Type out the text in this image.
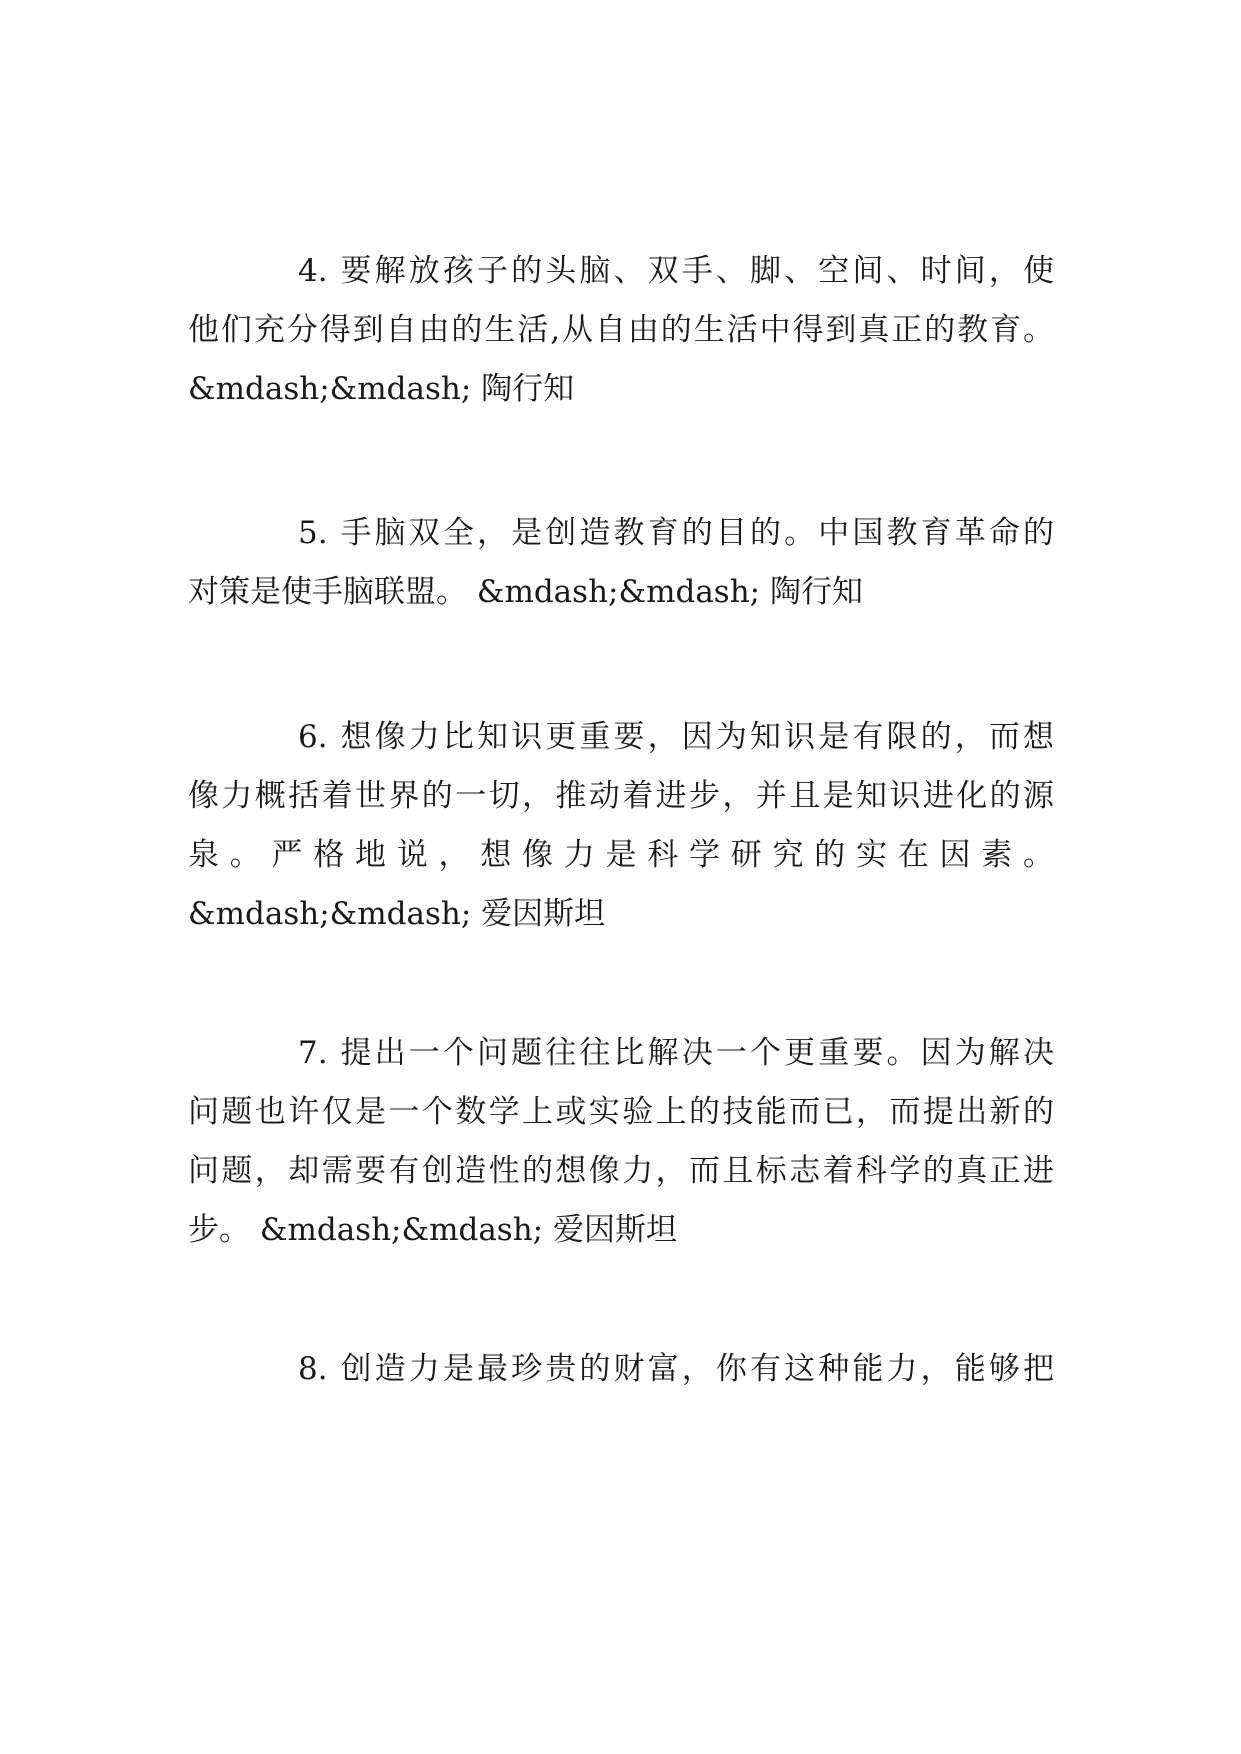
4. 要解放孩子的头脑、双手、脚、空间、时间，使
他们充分得到自由的生活,从自由的生活中得到真正的教育。
&mdash;&mdash; 陶行知
5. 手脑双全，是创造教育的目的。中国教育革命的
对策是使手脑联盟。 &mdash;&mdash; 陶行知
6. 想像力比知识更重要，因为知识是有限的，而想
像力概括着世界的一切，推动着进步，并且是知识进化的源
泉 。 严 格 地 说 ， 想 像 力 是 科 学 研 究 的 实 在 因 素 。
&mdash;&mdash; 爱因斯坦
7. 提出一个问题往往比解决一个更重要。因为解决
问题也许仅是一个数学上或实验上的技能而已，而提出新的
问题，却需要有创造性的想像力，而且标志着科学的真正进
步。 &mdash;&mdash; 爱因斯坦
8. 创造力是最珍贵的财富，你有这种能力，能够把
